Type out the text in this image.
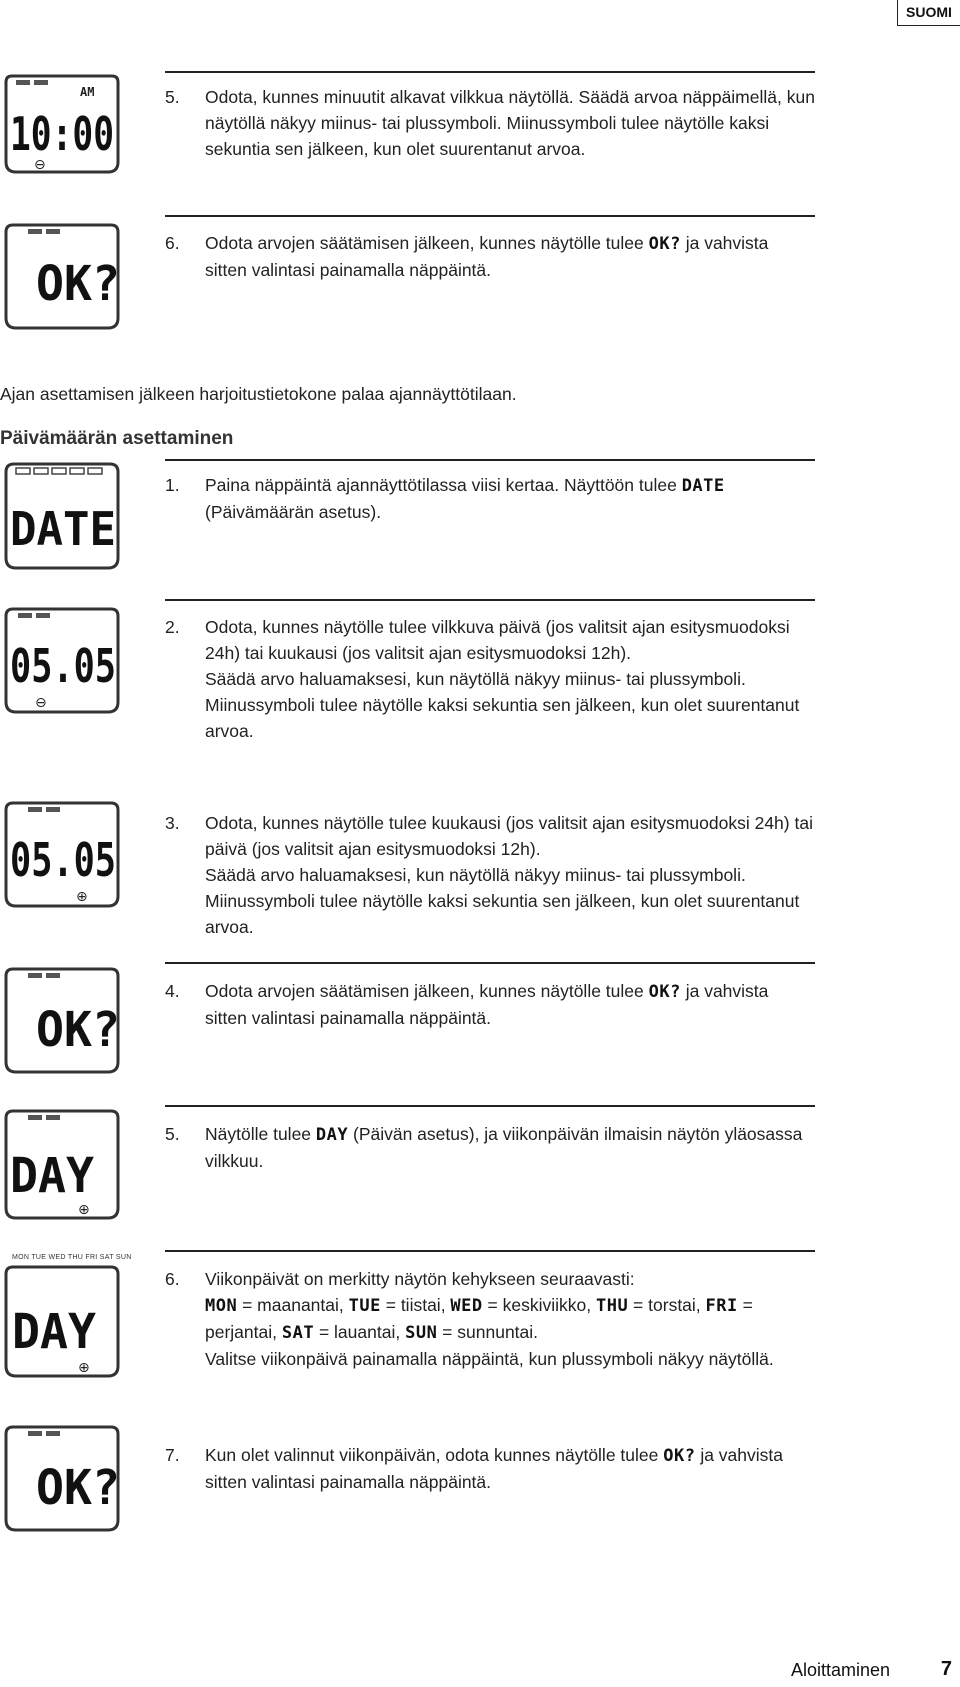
SUOMI
AM
10:00
⊖
OK?
DATE
05.05
⊖
05.05
⊕
OK?
DAY
⊕
MON TUE WED THU FRI SAT SUN
DAY
⊕
OK?
5. Odota, kunnes minuutit alkavat vilkkua näytöllä. Säädä arvoa näppäimellä, kun näytöllä näkyy miinus- tai plussymboli. Miinussymboli tulee näytölle kaksi sekuntia sen jälkeen, kun olet suurentanut arvoa.
6. Odota arvojen säätämisen jälkeen, kunnes näytölle tulee OK? ja vahvista sitten valintasi painamalla näppäintä.
Ajan asettamisen jälkeen harjoitustietokone palaa ajannäyttötilaan.
Päivämäärän asettaminen
1. Paina näppäintä ajannäyttötilassa viisi kertaa. Näyttöön tulee DATE (Päivämäärän asetus).
2. Odota, kunnes näytölle tulee vilkkuva päivä (jos valitsit ajan esitysmuodoksi 24h) tai kuukausi (jos valitsit ajan esitysmuodoksi 12h).
Säädä arvo haluamaksesi, kun näytöllä näkyy miinus- tai plussymboli. Miinussymboli tulee näytölle kaksi sekuntia sen jälkeen, kun olet suurentanut arvoa.
3. Odota, kunnes näytölle tulee kuukausi (jos valitsit ajan esitysmuodoksi 24h) tai päivä (jos valitsit ajan esitysmuodoksi 12h).
Säädä arvo haluamaksesi, kun näytöllä näkyy miinus- tai plussymboli. Miinussymboli tulee näytölle kaksi sekuntia sen jälkeen, kun olet suurentanut arvoa.
4. Odota arvojen säätämisen jälkeen, kunnes näytölle tulee OK? ja vahvista sitten valintasi painamalla näppäintä.
5. Näytölle tulee DAY (Päivän asetus), ja viikonpäivän ilmaisin näytön yläosassa vilkkuu.
6. Viikonpäivät on merkitty näytön kehykseen seuraavasti:
MON = maanantai, TUE = tiistai, WED = keskiviikko, THU = torstai, FRI = perjantai, SAT = lauantai, SUN = sunnuntai.
Valitse viikonpäivä painamalla näppäintä, kun plussymboli näkyy näytöllä.
7. Kun olet valinnut viikonpäivän, odota kunnes näytölle tulee OK? ja vahvista sitten valintasi painamalla näppäintä.
Aloittaminen	7
